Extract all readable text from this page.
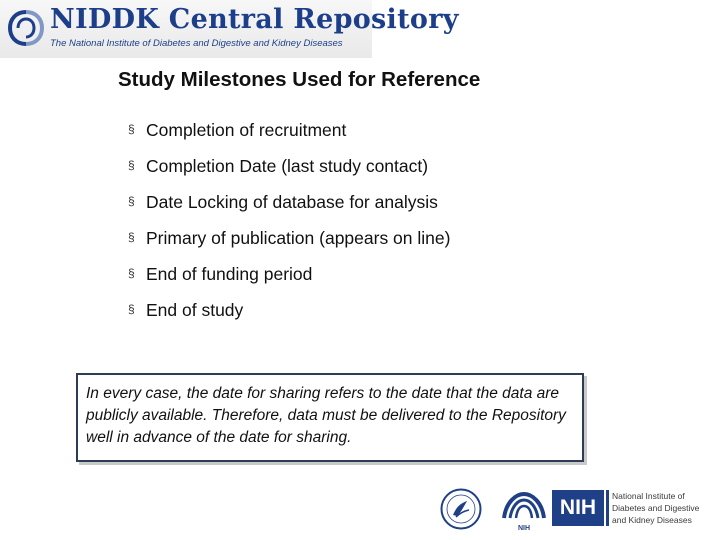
NIDDK Central Repository
The National Institute of Diabetes and Digestive and Kidney Diseases
Study Milestones Used for Reference
§ Completion of recruitment
§ Completion Date (last study contact)
§ Date Locking of database for analysis
§ Primary of publication (appears on line)
§ End of funding period
§ End of study
In every case, the date for sharing refers to the date that the data are publicly available. Therefore, data must be delivered to the Repository well in advance of the date for sharing.
NIH
NIH	National Institute of
Diabetes and Digestive
and Kidney Diseases
